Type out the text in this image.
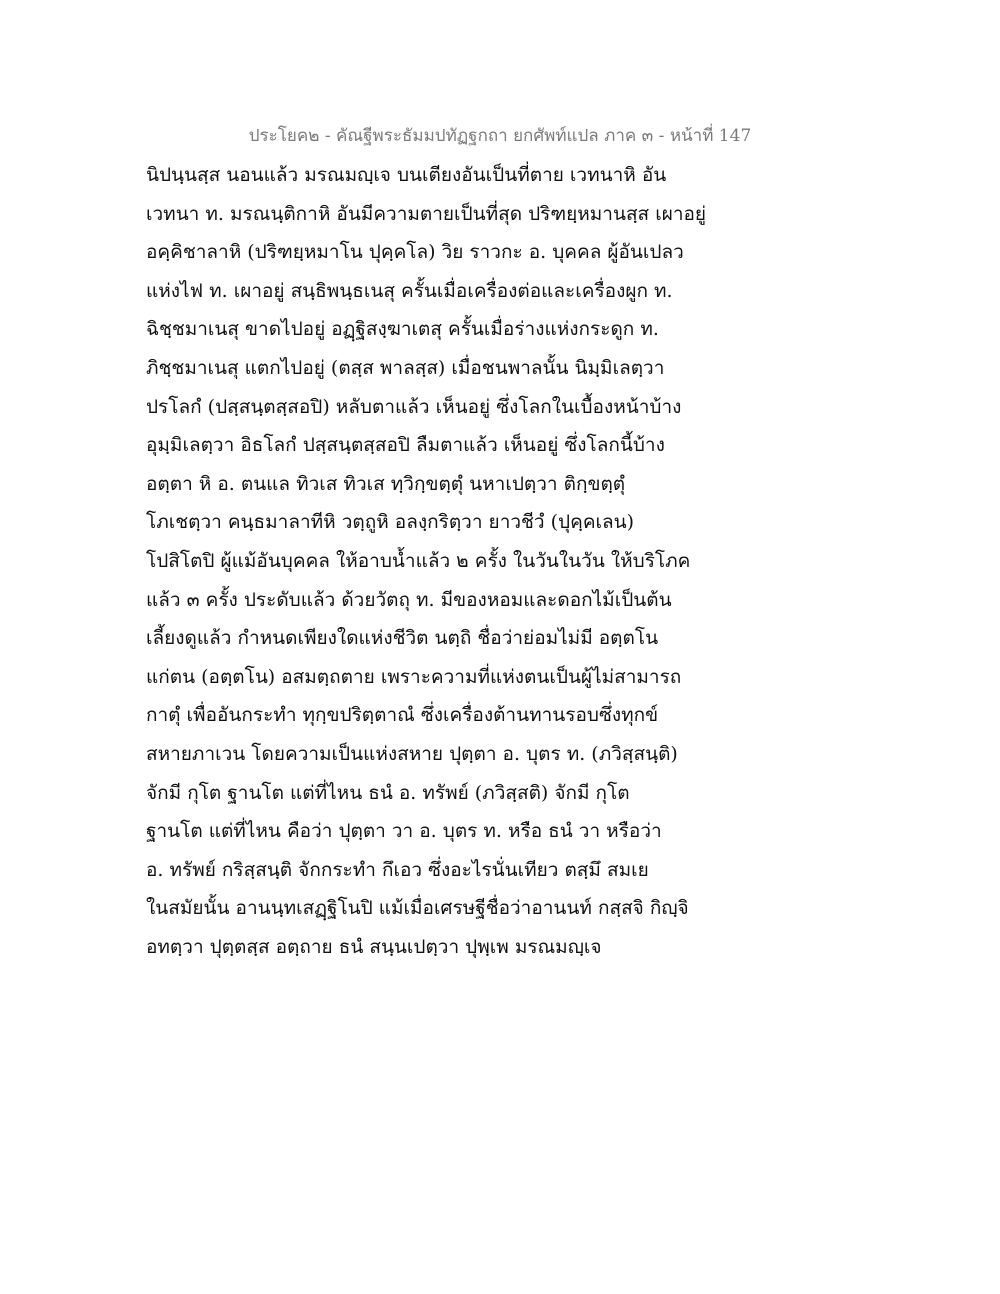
ประโยค๒ - คัณฐีพระธัมมปทัฏฐกถา ยกศัพท์แปล ภาค ๓ - หน้าที่ 147
นิปนฺนสฺส นอนแล้ว มรณมญฺเจ บนเตียงอันเป็นที่ตาย เวทนาหิ อัน
เวทนา ท. มรณนฺติกาหิ อันมีความตายเป็นที่สุด ปริฑยฺหมานสฺส เผาอยู่
อคฺคิชาลาหิ (ปริฑยฺหมาโน ปุคฺคโล) วิย ราวกะ อ. บุคคล ผู้อันเปลว
แห่งไฟ ท. เผาอยู่ สนฺธิพนฺธเนสุ ครั้นเมื่อเครื่องต่อและเครื่องผูก ท.
ฉิชฺชมาเนสุ ขาดไปอยู่ อฏฺฐิสงฺฆาเตสุ ครั้นเมื่อร่างแห่งกระดูก ท.
ภิชฺชมาเนสุ แตกไปอยู่ (ตสฺส พาลสฺส) เมื่อชนพาลนั้น นิมฺมิเลตฺวา
ปรโลกํ (ปสฺสนฺตสฺสอปิ) หลับตาแล้ว เห็นอยู่ ซึ่งโลกในเบื้องหน้าบ้าง
อุมฺมิเลตฺวา อิธโลกํ ปสฺสนฺตสฺสอปิ ลืมตาแล้ว เห็นอยู่ ซึ่งโลกนี้บ้าง
อตฺตา หิ อ. ตนแล ทิวเส ทิวเส ทฺวิกฺขตฺตุํ นหาเปตฺวา ติกฺขตฺตุํ
โภเชตฺวา คนฺธมาลาทีหิ วตฺถูหิ อลงฺกริตฺวา ยาวชีวํ (ปุคฺคเลน)
โปสิโตปิ ผู้แม้อันบุคคล ให้อาบน้ำแล้ว ๒ ครั้ง ในวันในวัน ให้บริโภค
แล้ว ๓ ครั้ง ประดับแล้ว ด้วยวัตถุ ท. มีของหอมและดอกไม้เป็นต้น
เลี้ยงดูแล้ว กำหนดเพียงใดแห่งชีวิต นตฺถิ ชื่อว่าย่อมไม่มี อตฺตโน
แก่ตน (อตฺตโน) อสมตฺถตาย เพราะความที่แห่งตนเป็นผู้ไม่สามารถ
กาตุํ เพื่ออันกระทำ ทุกฺขปริตฺตาณํ ซึ่งเครื่องต้านทานรอบซึ่งทุกข์
สหายภาเวน โดยความเป็นแห่งสหาย ปุตฺตา อ. บุตร ท. (ภวิสฺสนฺติ)
จักมี กุโต ฐานโต แต่ที่ไหน ธนํ อ. ทรัพย์ (ภวิสฺสติ) จักมี กุโต
ฐานโต แต่ที่ไหน คือว่า ปุตฺตา วา อ. บุตร ท. หรือ ธนํ วา หรือว่า
อ. ทรัพย์ กริสฺสนฺติ จักกระทำ กึเอว ซึ่งอะไรนั่นเทียว ตสฺมึ สมเย
ในสมัยนั้น อานนฺทเสฏฺฐิโนปิ แม้เมื่อเศรษฐีชื่อว่าอานนท์ กสฺสจิ กิญฺจิ
อทตฺวา ปุตฺตสฺส อตฺถาย ธนํ สนฺนเปตฺวา ปุพฺเพ มรณมญฺเจ
